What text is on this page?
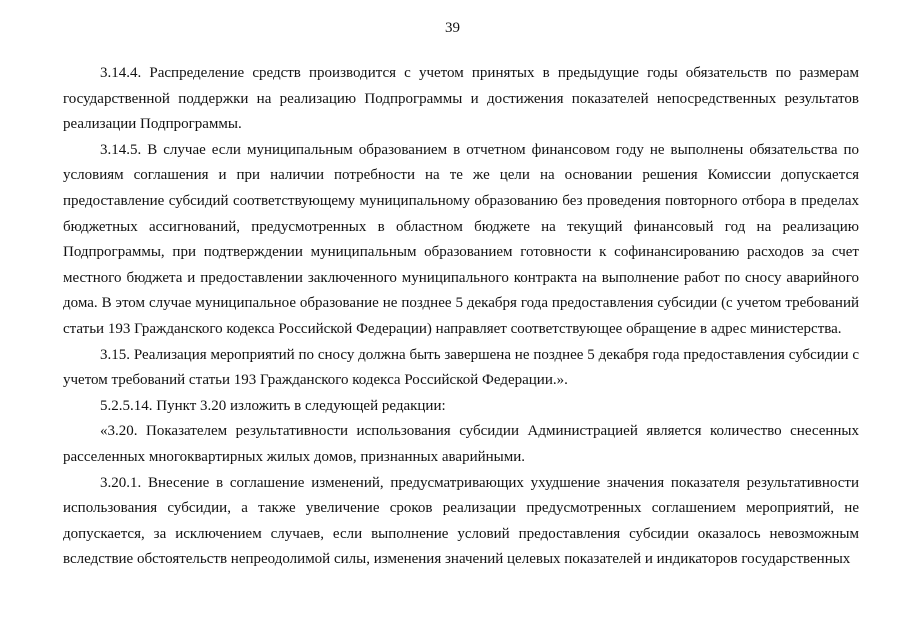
39

3.14.4. Распределение средств производится с учетом принятых в предыдущие годы обязательств по размерам государственной поддержки на реализацию Подпрограммы и достижения показателей непосредственных результатов реализации Подпрограммы.

3.14.5. В случае если муниципальным образованием в отчетном финансовом году не выполнены обязательства по условиям соглашения и при наличии потребности на те же цели на основании решения Комиссии допускается предоставление субсидий соответствующему муниципальному образованию без проведения повторного отбора в пределах бюджетных ассигнований, предусмотренных в областном бюджете на текущий финансовый год на реализацию Подпрограммы, при подтверждении муниципальным образованием готовности к софинансированию расходов за счет местного бюджета и предоставлении заключенного муниципального контракта на выполнение работ по сносу аварийного дома. В этом случае муниципальное образование не позднее 5 декабря года предоставления субсидии (с учетом требований статьи 193 Гражданского кодекса Российской Федерации) направляет соответствующее обращение в адрес министерства.

3.15. Реализация мероприятий по сносу должна быть завершена не позднее 5 декабря года предоставления субсидии с учетом требований статьи 193 Гражданского кодекса Российской Федерации.».

5.2.5.14. Пункт 3.20 изложить в следующей редакции:

«3.20. Показателем результативности использования субсидии Администрацией является количество снесенных расселенных многоквартирных жилых домов, признанных аварийными.

3.20.1. Внесение в соглашение изменений, предусматривающих ухудшение значения показателя результативности использования субсидии, а также увеличение сроков реализации предусмотренных соглашением мероприятий, не допускается, за исключением случаев, если выполнение условий предоставления субсидии оказалось невозможным вследствие обстоятельств непреодолимой силы, изменения значений целевых показателей и индикаторов государственных
